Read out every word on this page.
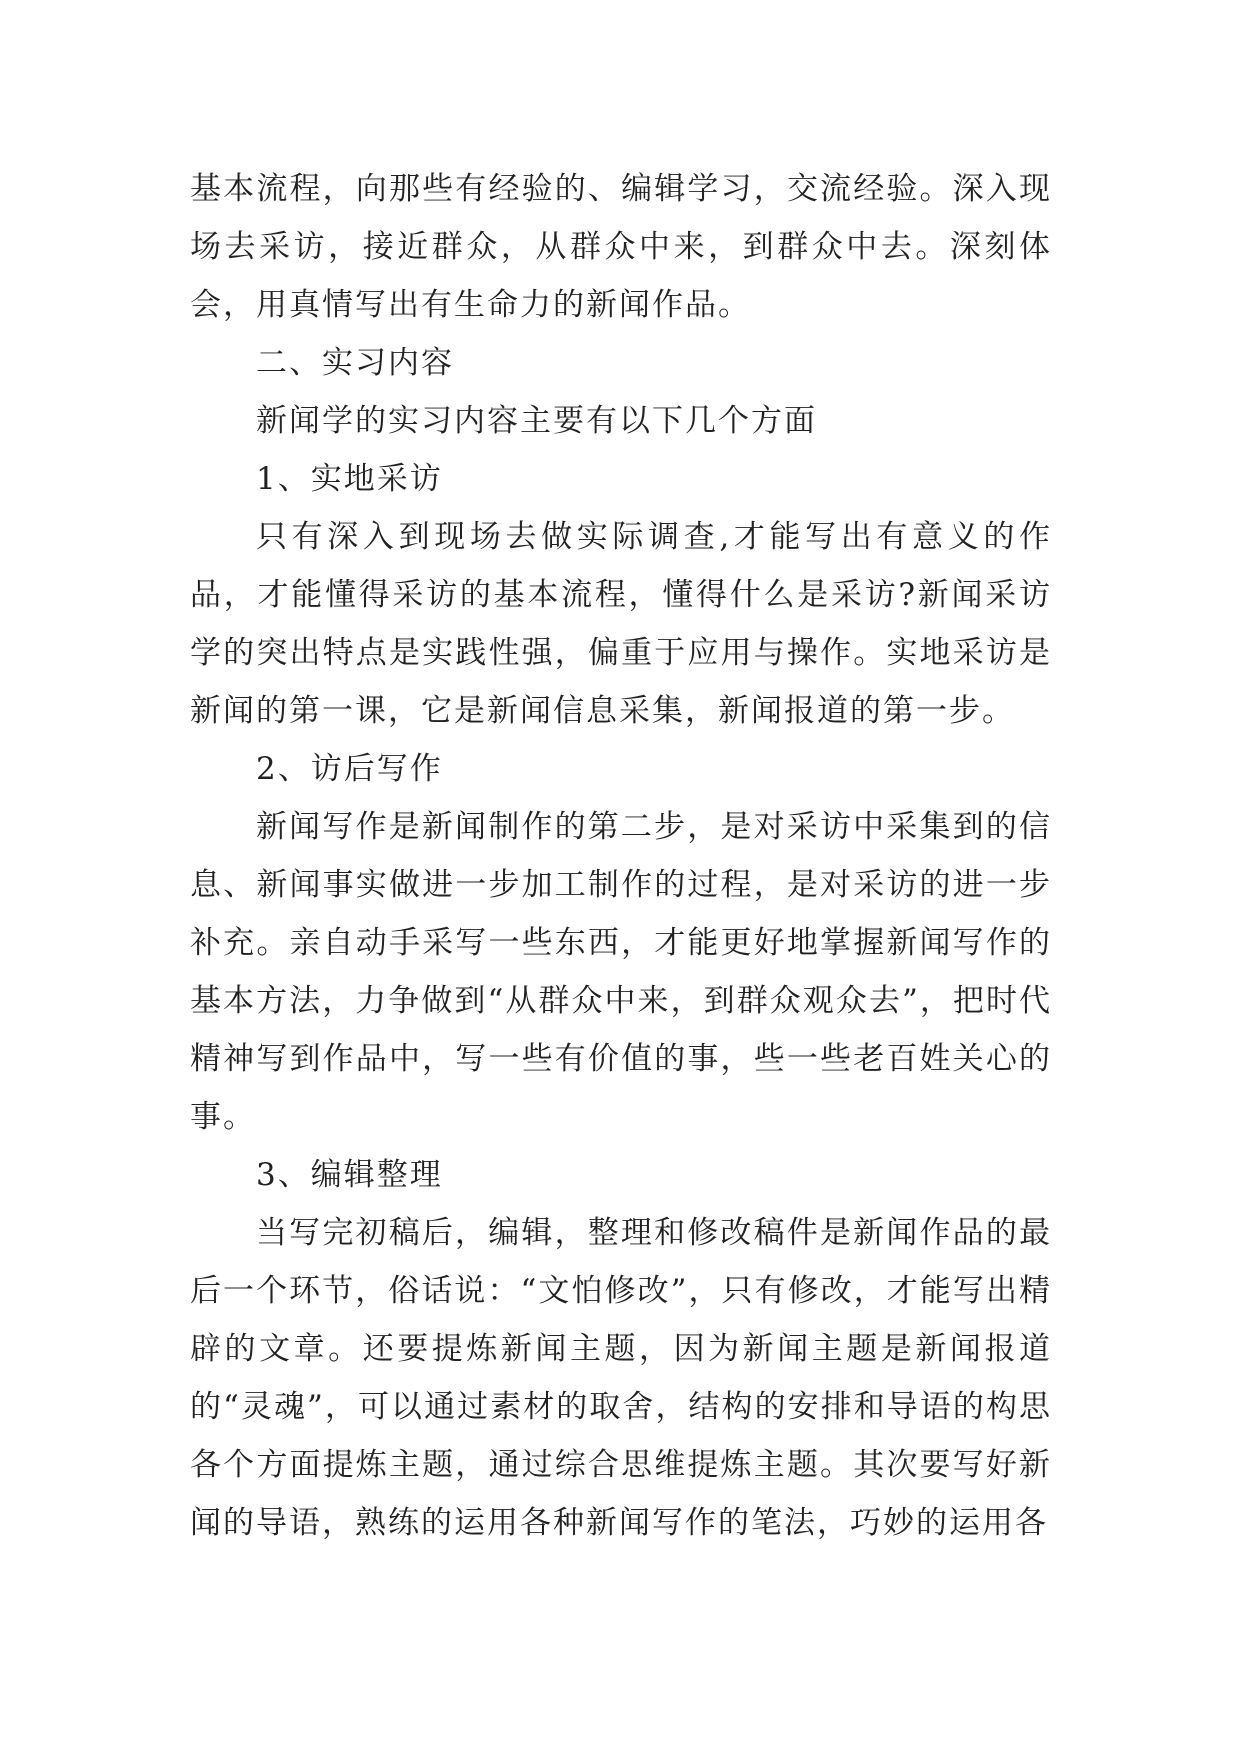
基本流程，向那些有经验的、编辑学习，交流经验。深入现场去采访，接近群众，从群众中来，到群众中去。深刻体会，用真情写出有生命力的新闻作品。

二、实习内容

新闻学的实习内容主要有以下几个方面

1、实地采访

只有深入到现场去做实际调查,才能写出有意义的作品，才能懂得采访的基本流程，懂得什么是采访?新闻采访学的突出特点是实践性强，偏重于应用与操作。实地采访是新闻的第一课，它是新闻信息采集，新闻报道的第一步。

2、访后写作

新闻写作是新闻制作的第二步，是对采访中采集到的信息、新闻事实做进一步加工制作的过程，是对采访的进一步补充。亲自动手采写一些东西，才能更好地掌握新闻写作的基本方法，力争做到“从群众中来，到群众观众去”，把时代精神写到作品中，写一些有价值的事，些一些老百姓关心的事。

3、编辑整理

当写完初稿后，编辑，整理和修改稿件是新闻作品的最后一个环节，俗话说：“文怕修改”，只有修改，才能写出精辟的文章。还要提炼新闻主题，因为新闻主题是新闻报道的“灵魂”，可以通过素材的取舍，结构的安排和导语的构思各个方面提炼主题，通过综合思维提炼主题。其次要写好新闻的导语，熟练的运用各种新闻写作的笔法，巧妙的运用各
